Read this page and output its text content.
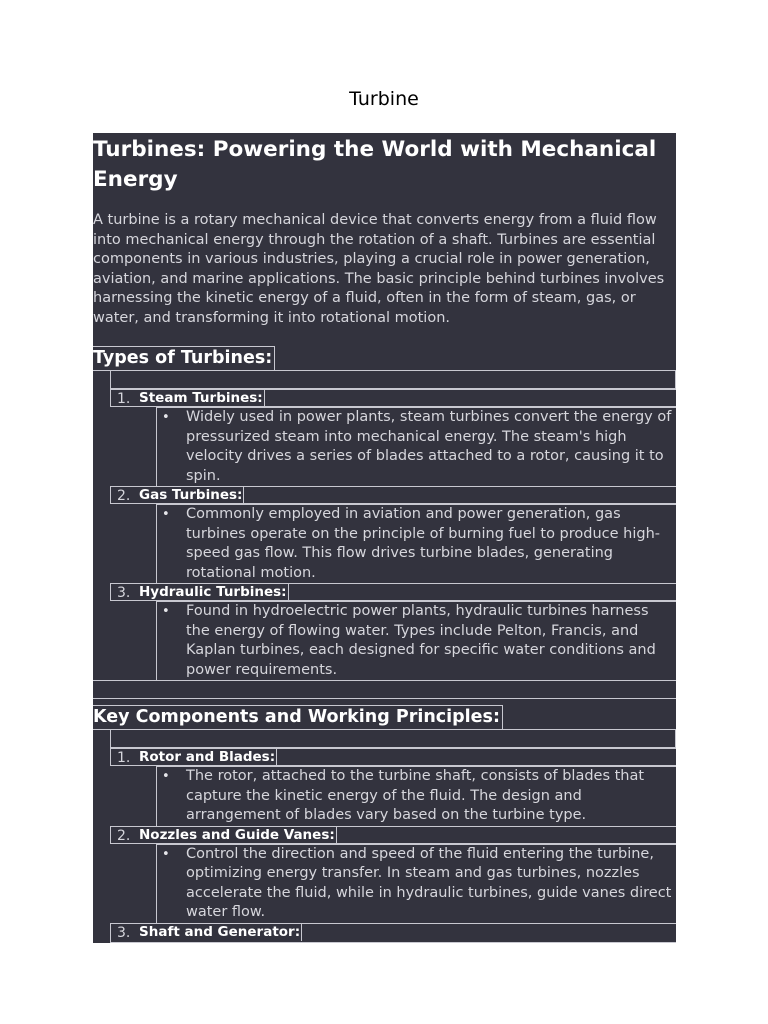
Turbine
Turbines: Powering the World with Mechanical Energy

A turbine is a rotary mechanical device that converts energy from a fluid flow into mechanical energy through the rotation of a shaft. Turbines are essential components in various industries, playing a crucial role in power generation, aviation, and marine applications. The basic principle behind turbines involves harnessing the kinetic energy of a fluid, often in the form of steam, gas, or water, and transforming it into rotational motion.

Types of Turbines:
1. Steam Turbines:
• Widely used in power plants, steam turbines convert the energy of pressurized steam into mechanical energy. The steam's high velocity drives a series of blades attached to a rotor, causing it to spin.
2. Gas Turbines:
• Commonly employed in aviation and power generation, gas turbines operate on the principle of burning fuel to produce high-speed gas flow. This flow drives turbine blades, generating rotational motion.
3. Hydraulic Turbines:
• Found in hydroelectric power plants, hydraulic turbines harness the energy of flowing water. Types include Pelton, Francis, and Kaplan turbines, each designed for specific water conditions and power requirements.
Key Components and Working Principles:
1. Rotor and Blades:
• The rotor, attached to the turbine shaft, consists of blades that capture the kinetic energy of the fluid. The design and arrangement of blades vary based on the turbine type.
2. Nozzles and Guide Vanes:
• Control the direction and speed of the fluid entering the turbine, optimizing energy transfer. In steam and gas turbines, nozzles accelerate the fluid, while in hydraulic turbines, guide vanes direct water flow.
3. Shaft and Generator:
